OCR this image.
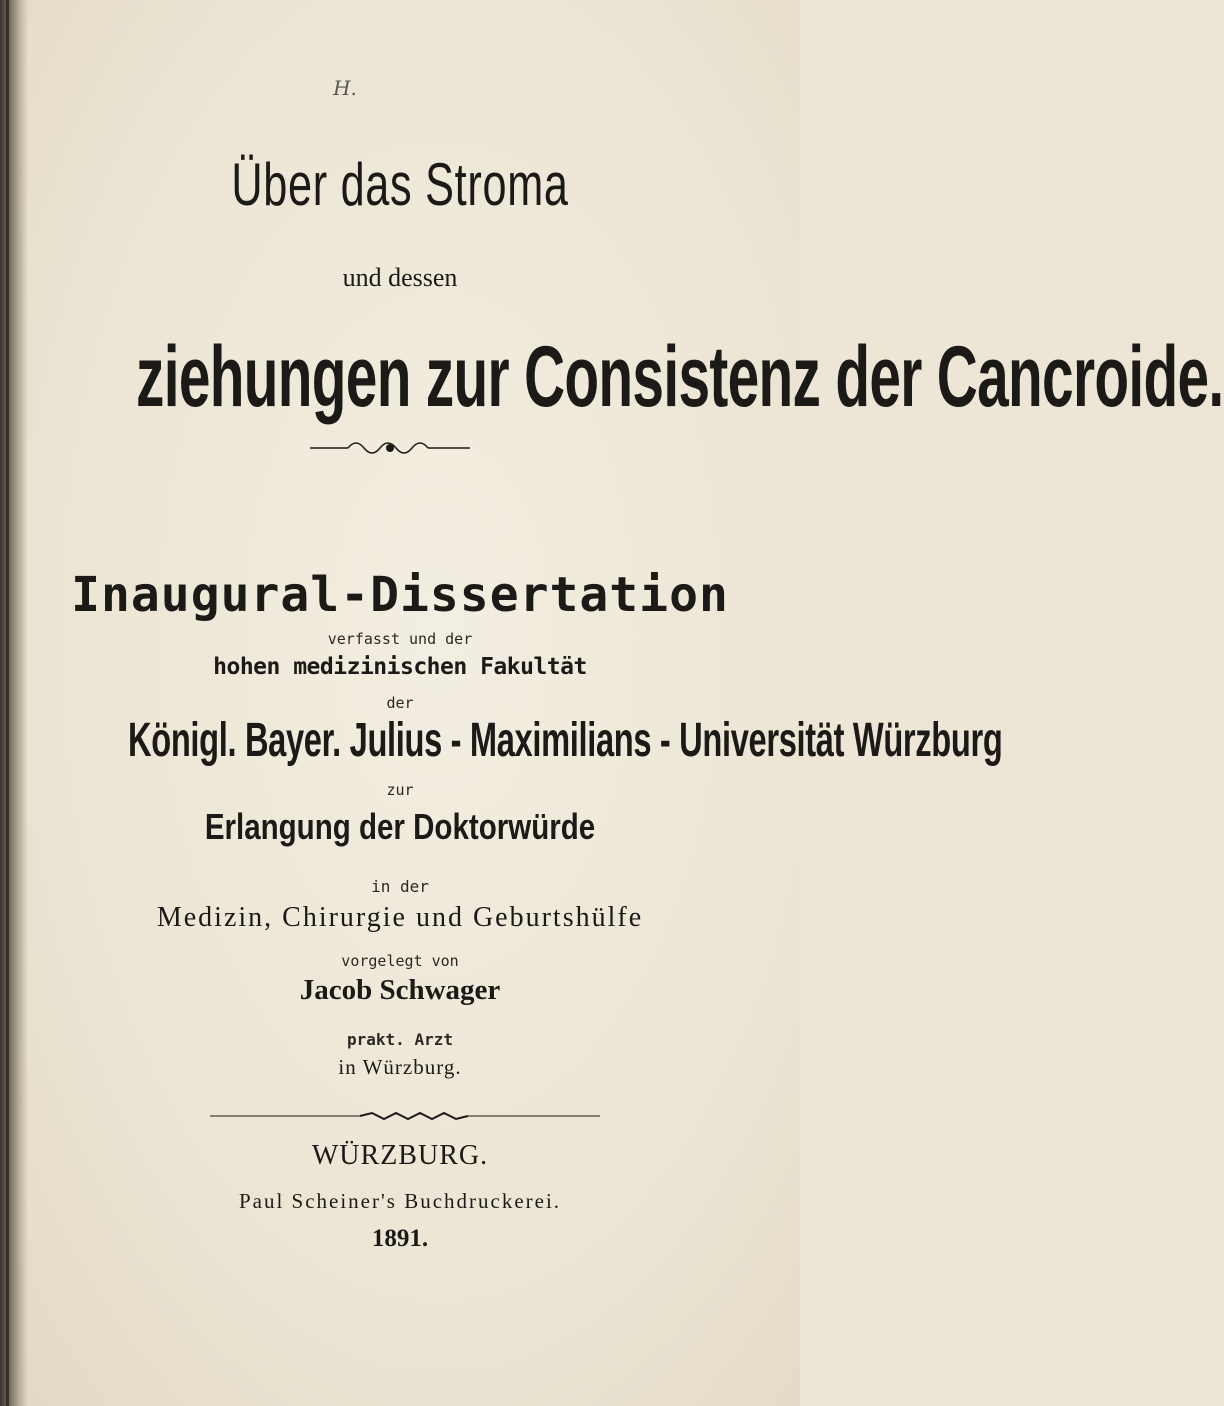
H.
Über das Stroma
und dessen
ziehungen zur Consistenz der Cancroide.
Inaugural-Dissertation
verfasst und der
hohen medizinischen Fakultät
der
Königl. Bayer. Julius - Maximilians - Universität Würzburg
zur
Erlangung der Doktorwürde
in der
Medizin, Chirurgie und Geburtshülfe
vorgelegt von
Jacob Schwager
prakt. Arzt
in Würzburg.
WÜRZBURG.
Paul Scheiner's Buchdruckerei.
1891.
